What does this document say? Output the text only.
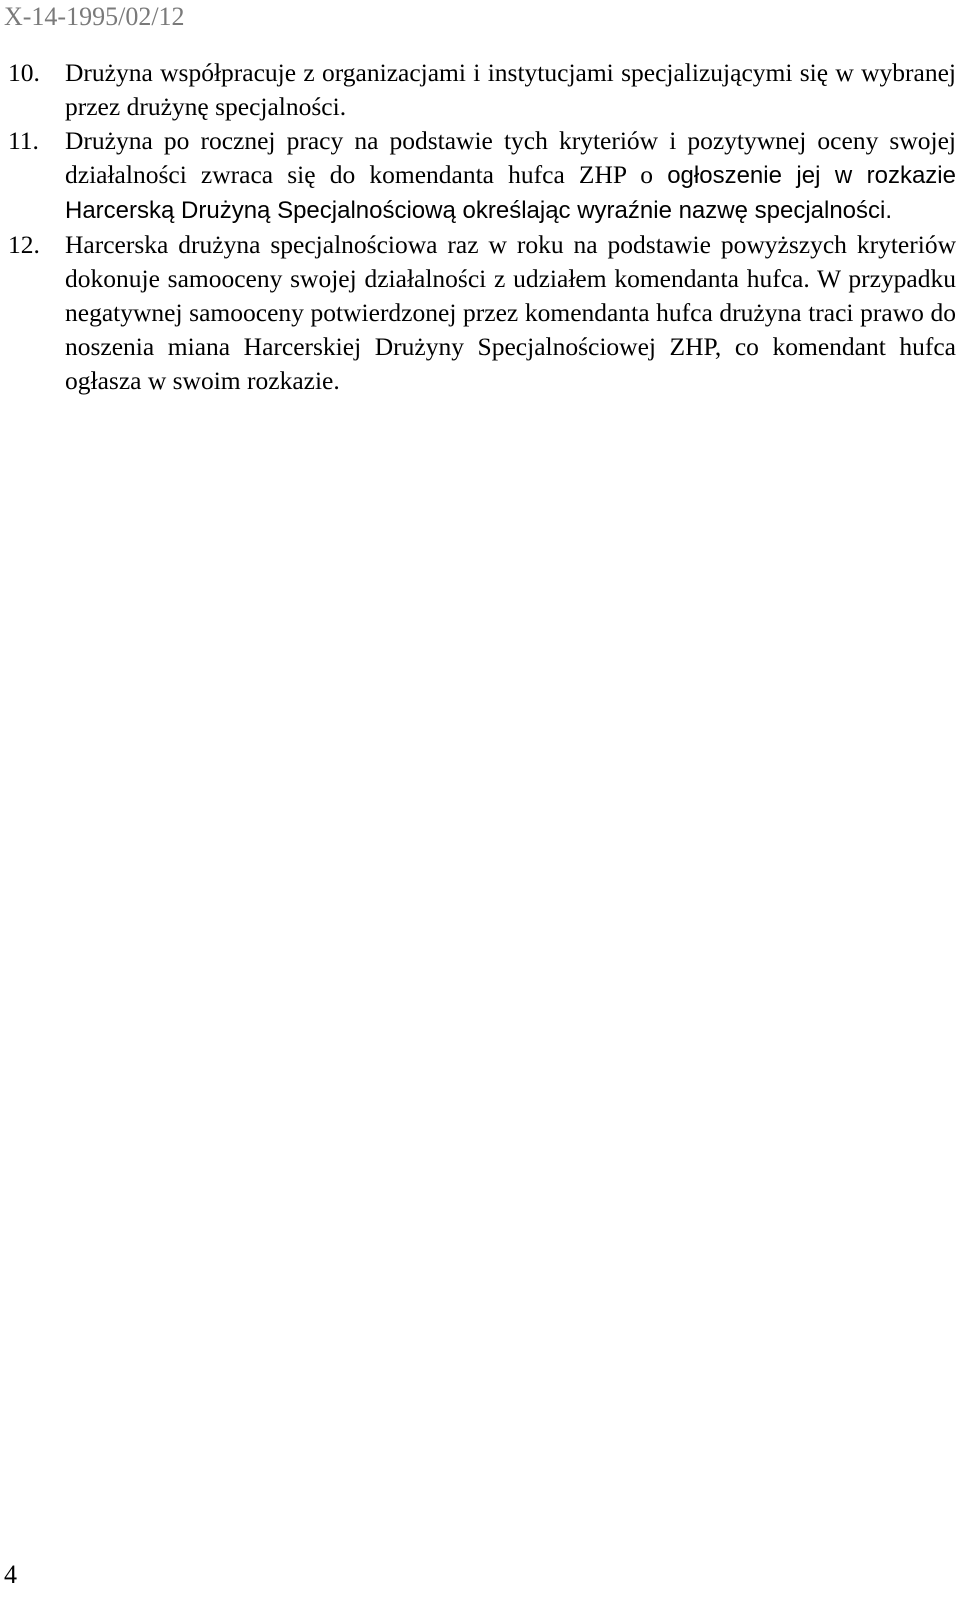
X-14-1995/02/12
10. Drużyna współpracuje z organizacjami i instytucjami specjalizującymi się w wybranej przez drużynę specjalności.
11. Drużyna po rocznej pracy na podstawie tych kryteriów i pozytywnej oceny swojej działalności zwraca się do komendanta hufca ZHP o ogłoszenie jej w rozkazie Harcerską Drużyną Specjalnościową określając wyraźnie nazwę specjalności.
12. Harcerska drużyna specjalnościowa raz w roku na podstawie powyższych kryteriów dokonuje samooceny swojej działalności z udziałem komendanta hufca. W przypadku negatywnej samooceny potwierdzonej przez komendanta hufca drużyna traci prawo do noszenia miana Harcerskiej Drużyny Specjalnościowej ZHP, co komendant hufca ogłasza w swoim rozkazie.
4
